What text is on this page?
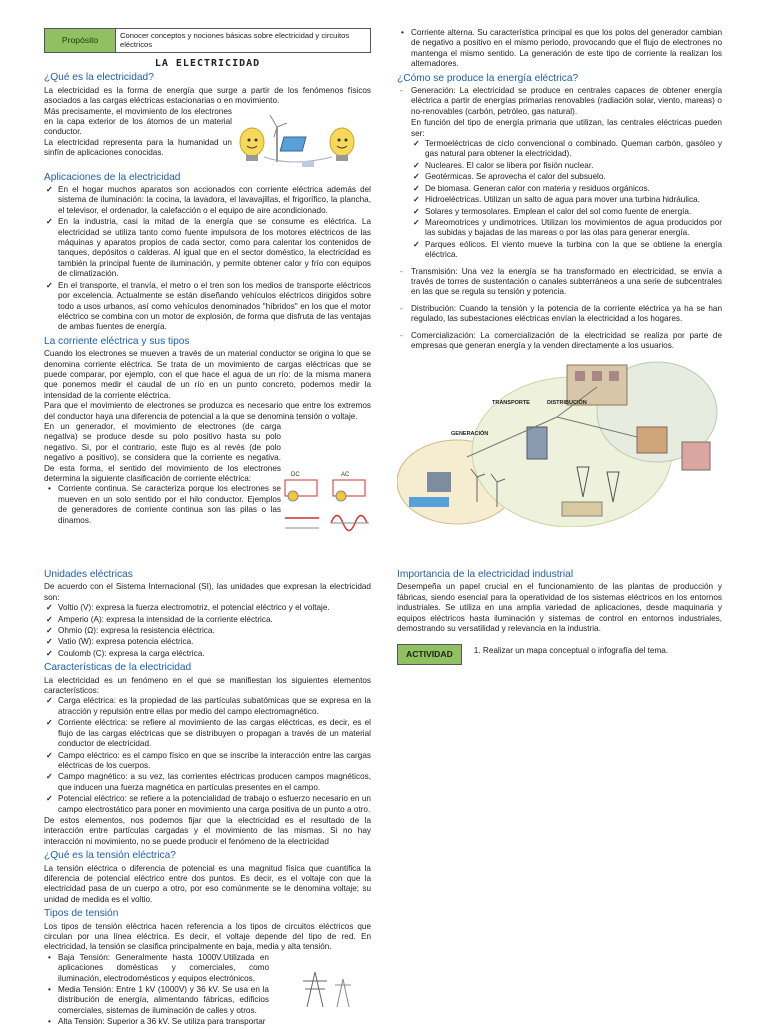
Propósito	Conocer conceptos y nociones básicas sobre electricidad y circuitos eléctricos
LA ELECTRICIDAD
¿Qué es la electricidad?

La electricidad es la forma de energía que surge a partir de los fenómenos físicos asociados a las cargas eléctricas estacionarias o en movimiento.

Más precisamente, el movimiento de los electrones en la capa exterior de los átomos de un material conductor.

La electricidad representa para la humanidad un sinfín de aplicaciones conocidas.

Aplicaciones de la electricidad
✓ En el hogar muchos aparatos son accionados con corriente eléctrica además del sistema de iluminación: la cocina, la lavadora, el lavavajillas, el frigorífico, la plancha, el televisor, el ordenador, la calefacción o el equipo de aire acondicionado.
✓ En la industria, casi la mitad de la energía que se consume es eléctrica. La electricidad se utiliza tanto como fuente impulsora de los motores eléctricos de las máquinas y aparatos propios de cada sector, como para calentar los contenidos de tanques, depósitos o calderas. Al igual que en el sector doméstico, la electricidad es también la principal fuente de iluminación, y permite obtener calor y frío con equipos de climatización.
✓ En el transporte, el tranvía, el metro o el tren son los medios de transporte eléctricos por excelencia. Actualmente se están diseñando vehículos eléctricos dirigidos sobre todo a usos urbanos, así como vehículos denominados "híbridos" en los que el motor eléctrico se combina con un motor de explosión, de forma que disfruta de las ventajas de ambas fuentes de energía.
La corriente eléctrica y sus tipos

Cuando los electrones se mueven a través de un material conductor se origina lo que se denomina corriente eléctrica. Se trata de un movimiento de cargas eléctricas que se puede comparar, por ejemplo, con el que hace el agua de un río: de la misma manera que ponemos medir el caudal de un río en un punto concreto, podemos medir la intensidad de la corriente eléctrica.

Para que el movimiento de electrones se produzca es necesario que entre los extremos del conductor haya una diferencia de potencial a la que se denomina tensión o voltaje.

En un generador, el movimiento de electrones (de carga negativa) se produce desde su polo positivo hasta su polo negativo. Si, por el contrario, este flujo es al revés (de polo negativo a positivo), se considera que la corriente es negativa. De esta forma, el sentido del movimiento de los electrones determina la siguiente clasificación de corriente eléctrica:

• Corriente continua. Se caracteriza porque los electrones se mueven en un solo sentido por el hilo conductor. Ejemplos de generadores de corriente continua son las pilas o las dinamos.
DC	AC
• Corriente alterna. Su característica principal es que los polos del generador cambian de negativo a positivo en el mismo periodo, provocando que el flujo de electrones no mantenga el mismo sentido. La generación de este tipo de corriente la realizan los alternadores.
¿Cómo se produce la energía eléctrica?
- Generación: La electricidad se produce en centrales capaces de obtener energía eléctrica a partir de energías primarias renovables (radiación solar, viento, mareas) o no-renovables (carbón, petróleo, gas natural).

En función del tipo de energía primaria que utilizan, las centrales eléctricas pueden ser:

✓ Termoeléctricas de ciclo convencional o combinado. Queman carbón, gasóleo y gas natural para obtener la electricidad).
✓ Nucleares. El calor se libera por fisión nuclear.
✓ Geotérmicas. Se aprovecha el calor del subsuelo.
✓ De biomasa. Generan calor con materia y residuos orgánicos.
✓ Hidroeléctricas. Utilizan un salto de agua para mover una turbina hidráulica.
✓ Solares y termosolares. Emplean el calor del sol como fuente de energía.
✓ Mareomotrices y undimotrices. Utilizan los movimientos de agua producidos por las subidas y bajadas de las mareas o por las olas para generar energía.
✓ Parques eólicos. El viento mueve la turbina con la que se obtiene la energía eléctrica.
- Transmisión: Una vez la energía se ha transformado en electricidad, se envía a través de torres de sustentación o canales subterráneos a una serie de subcentrales en las que se regula su tensión y potencia.
- Distribución: Cuando la tensión y la potencia de la corriente eléctrica ya ha se han regulado, las subestaciones eléctricas envían la electricidad a los hogares.
- Comercialización: La comercialización de la electricidad se realiza por parte de empresas que generan energía y la venden directamente a los usuarios.
TRANSPORTE	DISTRIBUCIÓN
GENERACIÓN
Unidades eléctricas

De acuerdo con el Sistema Internacional (SI), las unidades que expresan la electricidad son:

✓ Voltio (V): expresa la fuerza electromotriz, el potencial eléctrico y el voltaje.
✓ Amperio (A): expresa la intensidad de la corriente eléctrica.
✓ Ohmio (Ω): expresa la resistencia eléctrica.
✓ Vatio (W): expresa potencia eléctrica.
✓ Coulomb (C): expresa la carga eléctrica.
Características de la electricidad

La electricidad es un fenómeno en el que se manifiestan los siguientes elementos característicos:

✓ Carga eléctrica: es la propiedad de las partículas subatómicas que se expresa en la atracción y repulsión entre ellas por medio del campo electromagnético.
✓ Corriente eléctrica: se refiere al movimiento de las cargas eléctricas, es decir, es el flujo de las cargas eléctricas que se distribuyen o propagan a través de un material conductor de electricidad.
✓ Campo eléctrico: es el campo físico en que se inscribe la interacción entre las cargas eléctricas de los cuerpos.
✓ Campo magnético: a su vez, las corrientes eléctricas producen campos magnéticos, que inducen una fuerza magnética en partículas presentes en el campo.
✓ Potencial eléctrico: se refiere a la potencialidad de trabajo o esfuerzo necesario en un campo electrostático para poner en movimiento una carga positiva de un punto a otro.

De estos elementos, nos podemos fijar que la electricidad es el resultado de la interacción entre partículas cargadas y el movimiento de las mismas. Si no hay interacción ni movimiento, no se puede producir el fenómeno de la electricidad

¿Qué es la tensión eléctrica?

La tensión eléctrica o diferencia de potencial es una magnitud física que cuantifica la diferencia de potencial eléctrico entre dos puntos. Es decir, es el voltaje con que la electricidad pasa de un cuerpo a otro, por eso comúnmente se le denomina voltaje; su unidad de medida es el voltio.

Tipos de tensión

Los tipos de tensión eléctrica hacen referencia a los tipos de circuitos eléctricos que circulan por una línea eléctrica. Es decir, el voltaje depende del tipo de red. En electricidad, la tensión se clasifica principalmente en baja, media y alta tensión.

• Baja Tensión: Generalmente hasta 1000V.Utilizada en aplicaciones domésticas y comerciales, como iluminación, electrodomésticos y equipos electrónicos.
• Media Tensión: Entre 1 kV (1000V) y 36 kV. Se usa en la distribución de energía, alimentando fábricas, edificios comerciales, sistemas de iluminación de calles y otros.
• Alta Tensión: Superior a 36 kV. Se utiliza para transportar
Importancia de la electricidad industrial

Desempeña un papel crucial en el funcionamiento de las plantas de producción y fábricas, siendo esencial para la operatividad de los sistemas eléctricos en los entornos industriales. Se utiliza en una amplia variedad de aplicaciones, desde maquinaria y equipos eléctricos hasta iluminación y sistemas de control en entornos industriales, demostrando su versatilidad y relevancia en la industria.

ACTIVIDAD	1. Realizar un mapa conceptual o infografía del tema.
